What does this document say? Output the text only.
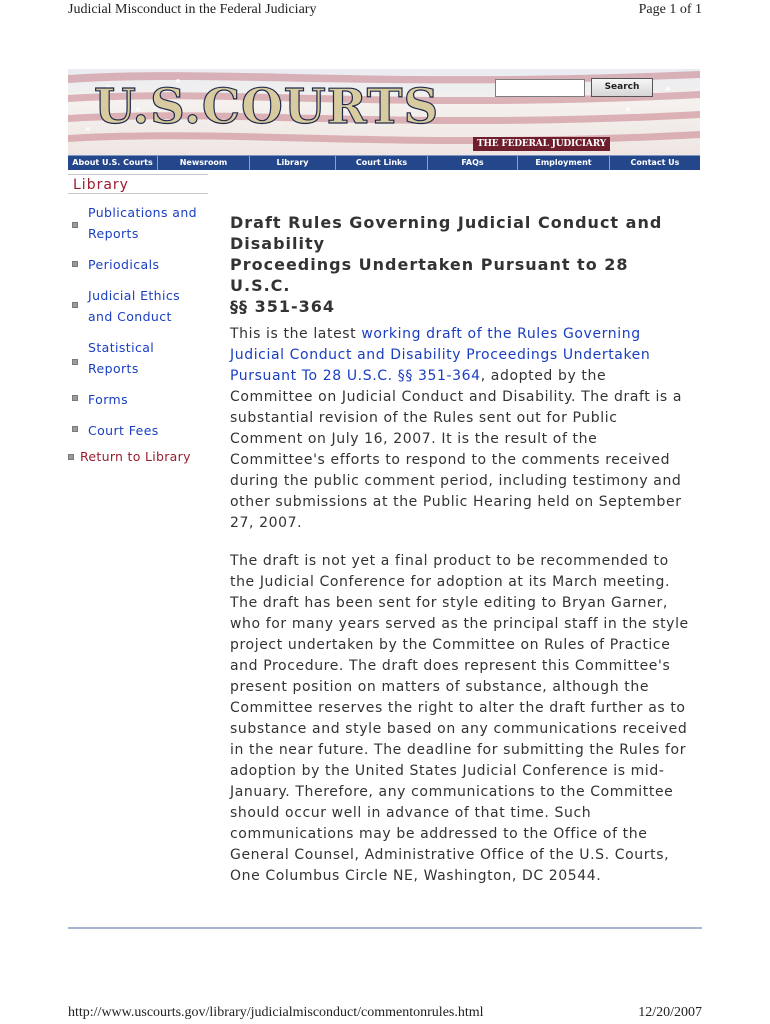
Judicial Misconduct in the Federal Judiciary	Page 1 of 1
U.S.COURTS	Search
THE FEDERAL JUDICIARY
About U.S. Courts	Newsroom	Library	Court Links	FAQs	Employment	Contact Us
Library
Publications and
Reports
Periodicals
Judicial Ethics
and Conduct
Statistical
Reports
Forms
Court Fees
Return to Library
Draft Rules Governing Judicial Conduct and
Disability
Proceedings Undertaken Pursuant to 28 U.S.C.
§§ 351-364

This is the latest working draft of the Rules Governing Judicial Conduct and Disability Proceedings Undertaken Pursuant To 28 U.S.C. §§ 351-364, adopted by the Committee on Judicial Conduct and Disability. The draft is a substantial revision of the Rules sent out for Public Comment on July 16, 2007. It is the result of the Committee's efforts to respond to the comments received during the public comment period, including testimony and other submissions at the Public Hearing held on September 27, 2007.

The draft is not yet a final product to be recommended to the Judicial Conference for adoption at its March meeting. The draft has been sent for style editing to Bryan Garner, who for many years served as the principal staff in the style project undertaken by the Committee on Rules of Practice and Procedure. The draft does represent this Committee's present position on matters of substance, although the Committee reserves the right to alter the draft further as to substance and style based on any communications received in the near future. The deadline for submitting the Rules for adoption by the United States Judicial Conference is mid-January. Therefore, any communications to the Committee should occur well in advance of that time. Such communications may be addressed to the Office of the General Counsel, Administrative Office of the U.S. Courts, One Columbus Circle NE, Washington, DC 20544.

http://www.uscourts.gov/library/judicialmisconduct/commentonrules.html	12/20/2007
